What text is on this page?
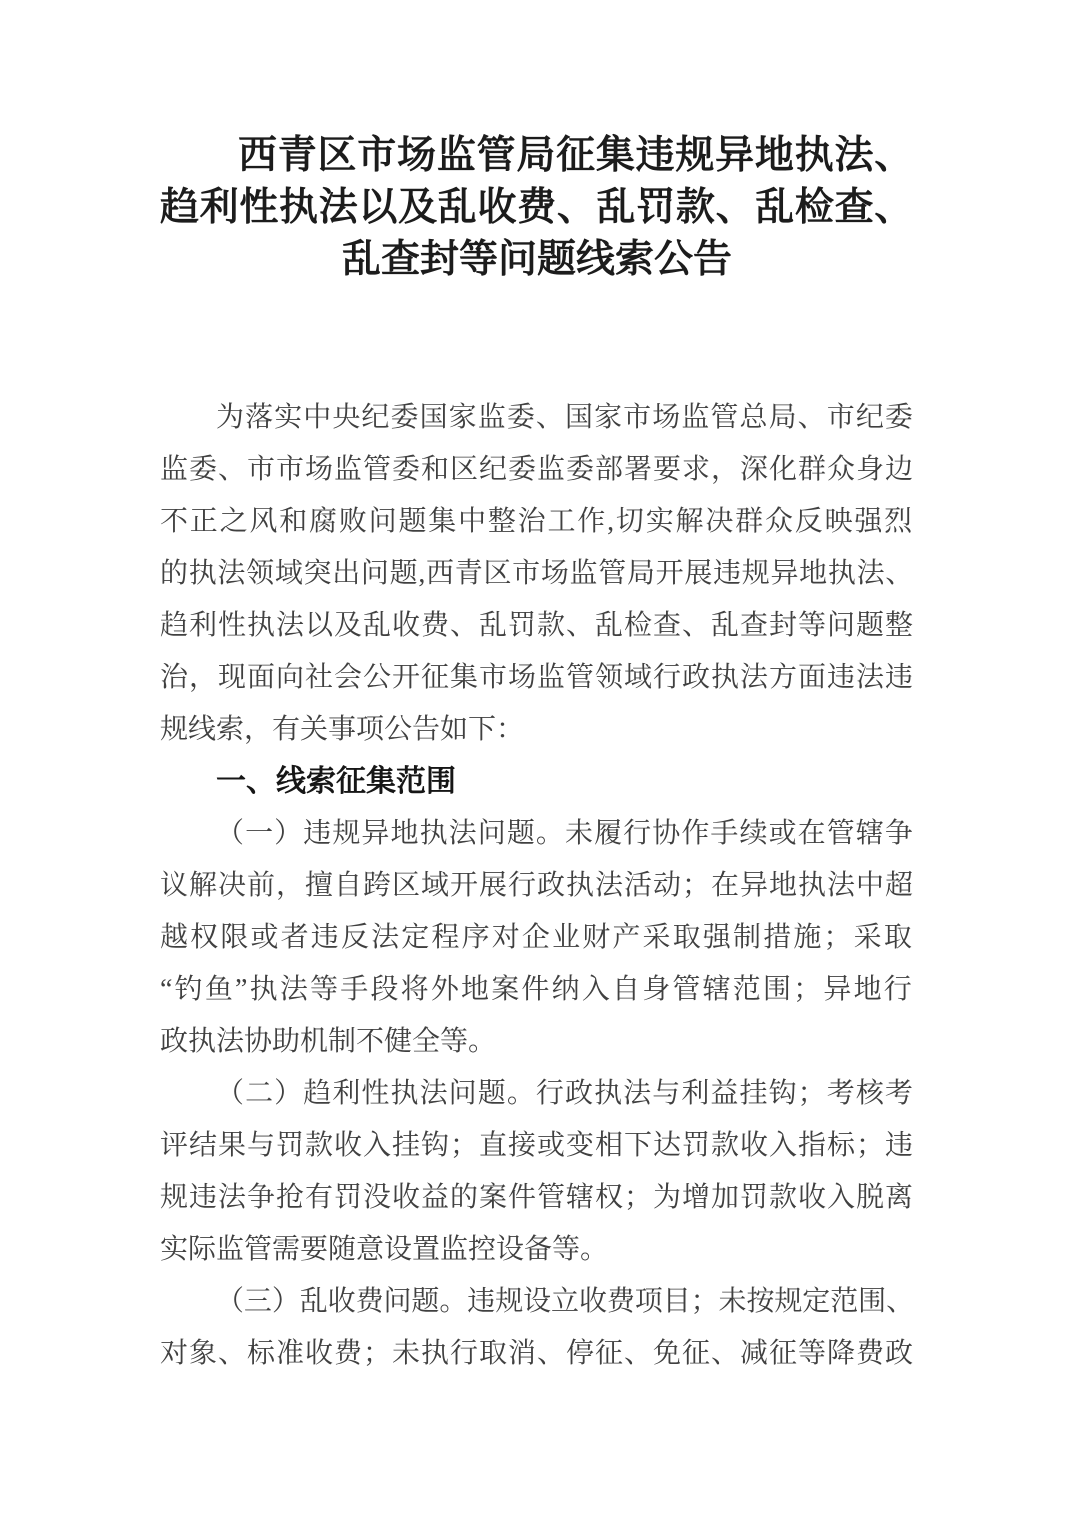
西青区市场监管局征集违规异地执法、
趋利性执法以及乱收费、乱罚款、乱检查、
乱查封等问题线索公告
为落实中央纪委国家监委、国家市场监管总局、市纪委
监委、市市场监管委和区纪委监委部署要求，深化群众身边
不正之风和腐败问题集中整治工作,切实解决群众反映强烈
的执法领域突出问题,西青区市场监管局开展违规异地执法、
趋利性执法以及乱收费、乱罚款、乱检查、乱查封等问题整
治，现面向社会公开征集市场监管领域行政执法方面违法违
规线索，有关事项公告如下：
一、线索征集范围
（一）违规异地执法问题。未履行协作手续或在管辖争
议解决前，擅自跨区域开展行政执法活动；在异地执法中超
越权限或者违反法定程序对企业财产采取强制措施；采取
“钓鱼”执法等手段将外地案件纳入自身管辖范围；异地行
政执法协助机制不健全等。
（二）趋利性执法问题。行政执法与利益挂钩；考核考
评结果与罚款收入挂钩；直接或变相下达罚款收入指标；违
规违法争抢有罚没收益的案件管辖权；为增加罚款收入脱离
实际监管需要随意设置监控设备等。
（三）乱收费问题。违规设立收费项目；未按规定范围、
对象、标准收费；未执行取消、停征、免征、减征等降费政
